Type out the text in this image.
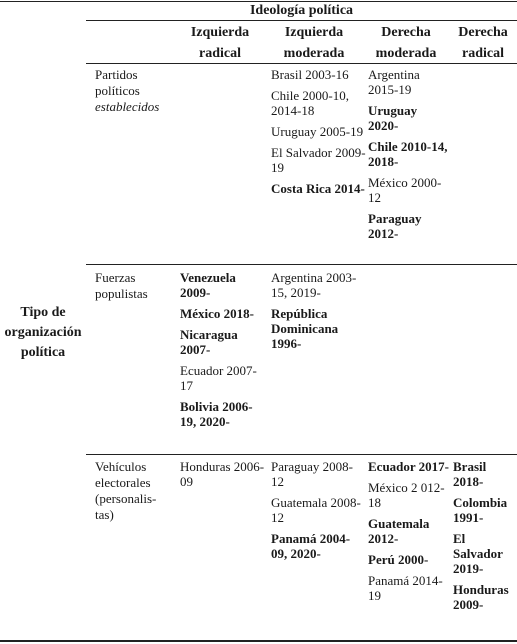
Ideología política
Izquierda radical
Izquierda moderada
Derecha moderada
Derecha radical
Tipo de organización política
Partidos políticos
establecidos
Brasil 2003-16
Chile 2000-10, 2014-18
Uruguay 2005-19
El Salvador 2009-19
Costa Rica 2014-
Argentina 2015-19
Uruguay 2020-
Chile 2010-14, 2018-
México 2000-12
Paraguay 2012-
Fuerzas populistas
Venezuela 2009-
México 2018-
Nicaragua 2007-
Ecuador 2007-17
Bolivia 2006-19, 2020-
Argentina 2003-15, 2019-
República Dominicana 1996-
Vehículos electorales (personalis-tas)
Honduras 2006-09
Paraguay 2008-12
Guatemala 2008-12
Panamá 2004-09, 2020-
Ecuador 2017-
México 2 012-18
Guatemala 2012-
Perú 2000-
Panamá 2014-19
Brasil 2018-
Colombia 1991-
El Salvador 2019-
Honduras 2009-
